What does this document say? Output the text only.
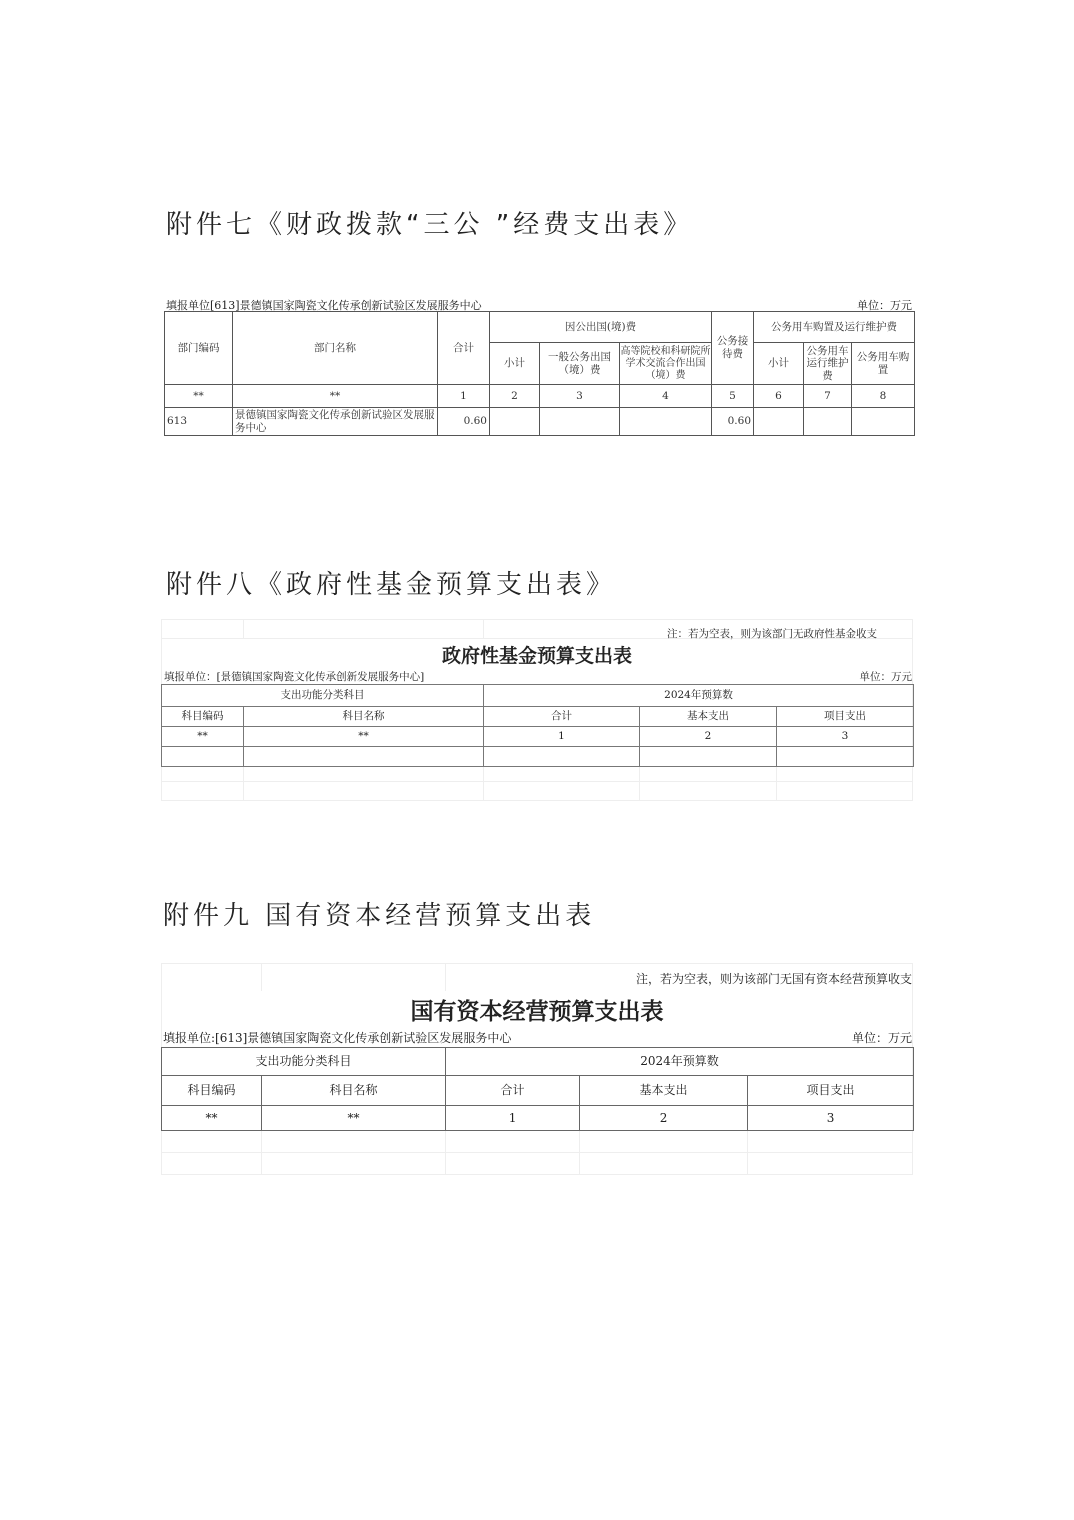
附件七《财政拨款“三公 ”经费支出表》
填报单位[613]景德镇国家陶瓷文化传承创新试验区发展服务中心	单位：万元
部门编码	部门名称	合计	因公出国(境)费			公务接待费	公务用车购置及运行维护费		
			小计	一般公务出国（境）费	高等院校和科研院所学术交流合作出国（境）费		小计	公务用车运行维护费	公务用车购置
**	**	1	2	3	4	5	6	7	8
613	景德镇国家陶瓷文化传承创新试验区发展服务中心	0.60				0.60			
附件八《政府性基金预算支出表》
注：若为空表，则为该部门无政府性基金收支
政府性基金预算支出表
填报单位：[景德镇国家陶瓷文化传承创新发展服务中心]	单位：万元
支出功能分类科目		2024年预算数		
科目编码	科目名称	合计	基本支出	项目支出
**	**	1	2	3

附件九 国有资本经营预算支出表
注，若为空表，则为该部门无国有资本经营预算收支
国有资本经营预算支出表
填报单位:[613]景德镇国家陶瓷文化传承创新试验区发展服务中心	单位：万元
支出功能分类科目		2024年预算数		
科目编码	科目名称	合计	基本支出	项目支出
**	**	1	2	3
